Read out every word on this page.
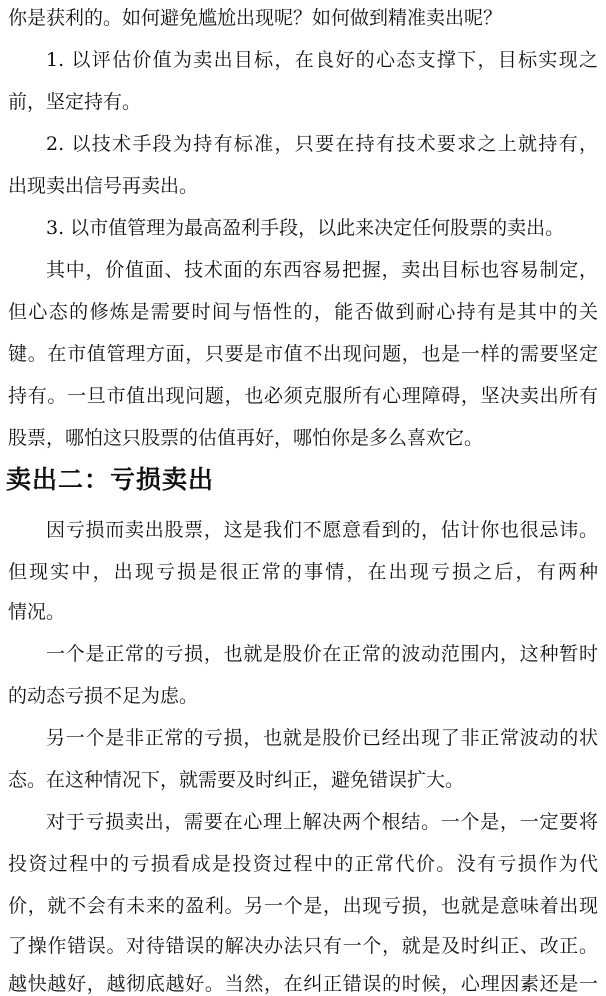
你是获利的。如何避免尴尬出现呢？如何做到精准卖出呢？
1. 以评估价值为卖出目标，在良好的心态支撑下，目标实现之
前，坚定持有。
2. 以技术手段为持有标准，只要在持有技术要求之上就持有，
出现卖出信号再卖出。
3. 以市值管理为最高盈利手段，以此来决定任何股票的卖出。
其中，价值面、技术面的东西容易把握，卖出目标也容易制定，
但心态的修炼是需要时间与悟性的，能否做到耐心持有是其中的关
键。在市值管理方面，只要是市值不出现问题，也是一样的需要坚定
持有。一旦市值出现问题，也必须克服所有心理障碍，坚决卖出所有
股票，哪怕这只股票的估值再好，哪怕你是多么喜欢它。
卖出二：亏损卖出
因亏损而卖出股票，这是我们不愿意看到的，估计你也很忌讳。
但现实中，出现亏损是很正常的事情，在出现亏损之后，有两种
情况。
一个是正常的亏损，也就是股价在正常的波动范围内，这种暂时
的动态亏损不足为虑。
另一个是非正常的亏损，也就是股价已经出现了非正常波动的状
态。在这种情况下，就需要及时纠正，避免错误扩大。
对于亏损卖出，需要在心理上解决两个根结。一个是，一定要将
投资过程中的亏损看成是投资过程中的正常代价。没有亏损作为代
价，就不会有未来的盈利。另一个是，出现亏损，也就是意味着出现
了操作错误。对待错误的解决办法只有一个，就是及时纠正、改正。
越快越好，越彻底越好。当然，在纠正错误的时候，心理因素还是一
